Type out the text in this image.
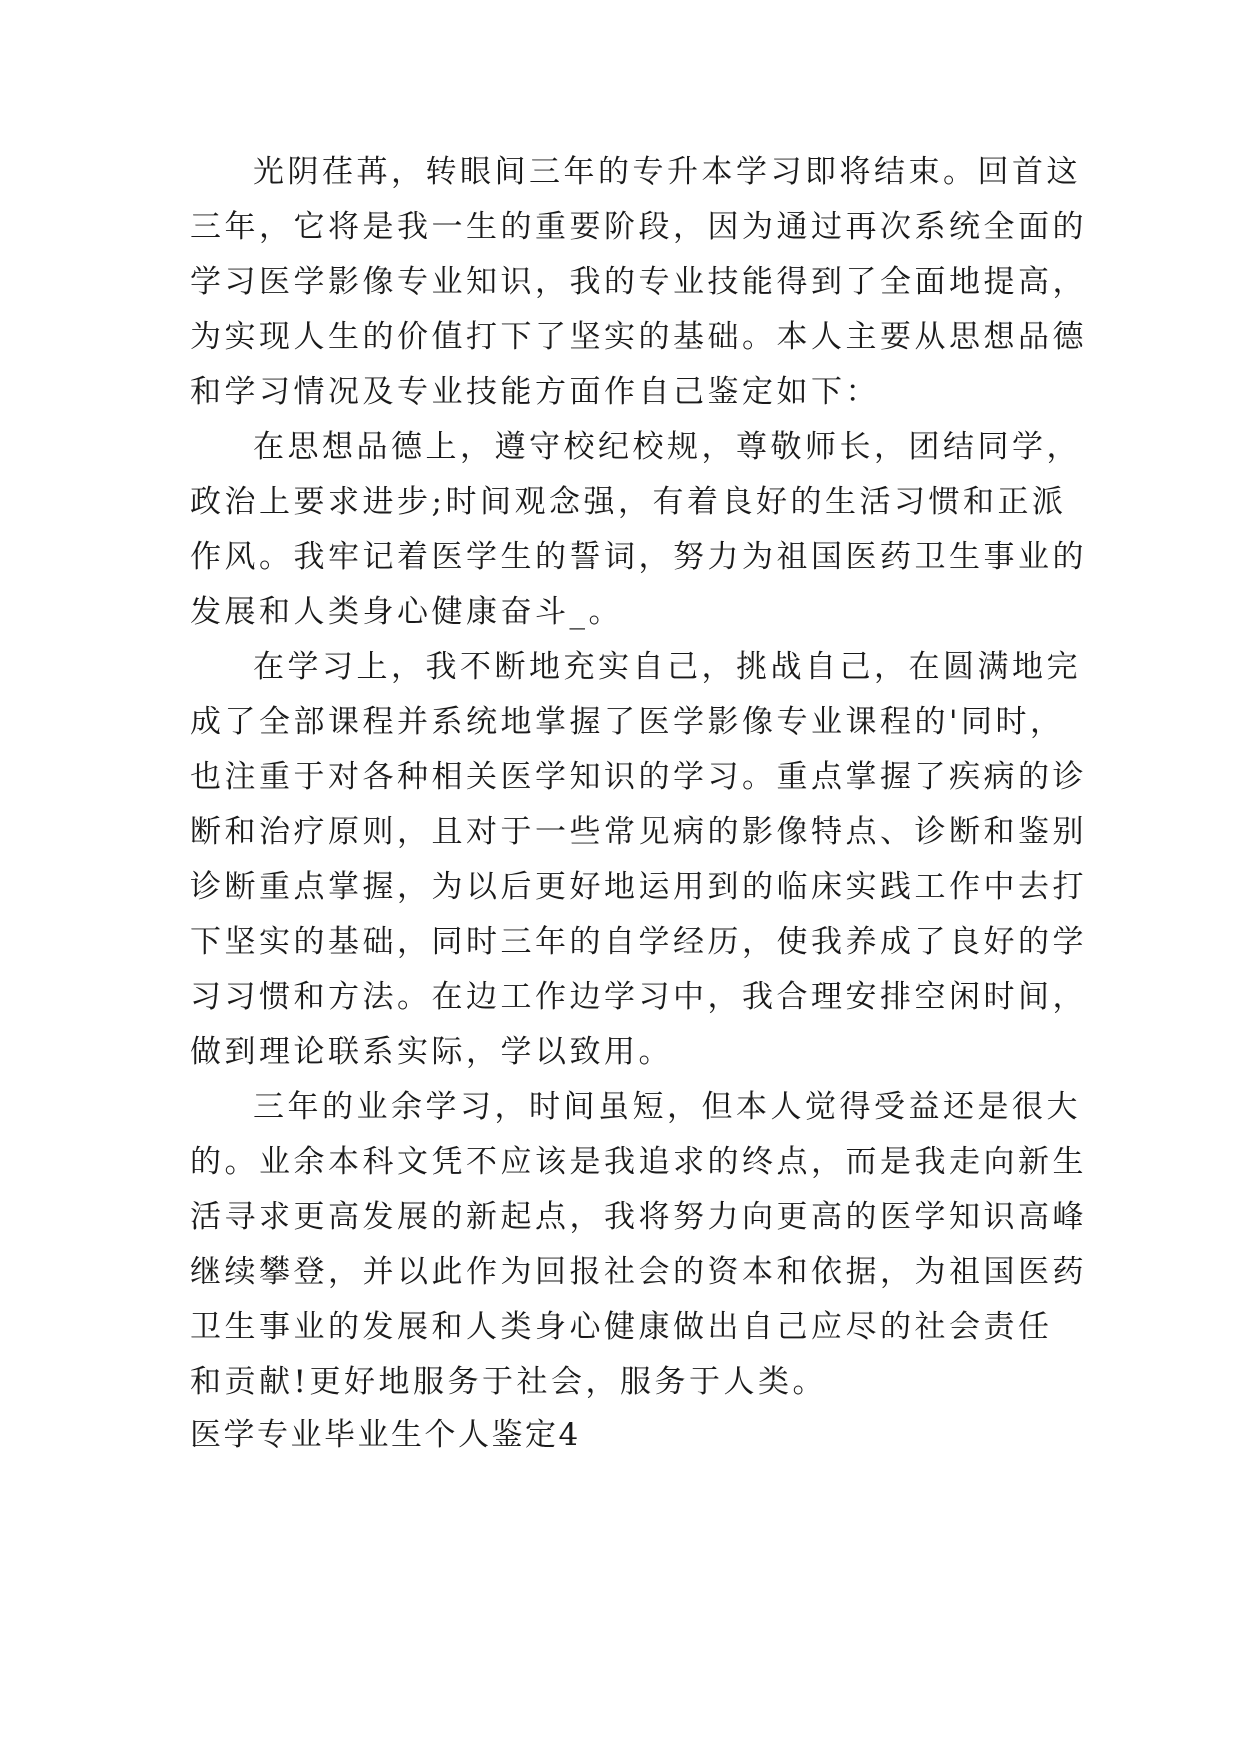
光阴荏苒，转眼间三年的专升本学习即将结束。回首这
三年，它将是我一生的重要阶段，因为通过再次系统全面的
学习医学影像专业知识，我的专业技能得到了全面地提高，
为实现人生的价值打下了坚实的基础。本人主要从思想品德
和学习情况及专业技能方面作自己鉴定如下：
在思想品德上，遵守校纪校规，尊敬师长，团结同学，
政治上要求进步;时间观念强，有着良好的生活习惯和正派
作风。我牢记着医学生的誓词，努力为祖国医药卫生事业的
发展和人类身心健康奋斗_。
在学习上，我不断地充实自己，挑战自己，在圆满地完
成了全部课程并系统地掌握了医学影像专业课程的'同时，
也注重于对各种相关医学知识的学习。重点掌握了疾病的诊
断和治疗原则，且对于一些常见病的影像特点、诊断和鉴别
诊断重点掌握，为以后更好地运用到的临床实践工作中去打
下坚实的基础，同时三年的自学经历，使我养成了良好的学
习习惯和方法。在边工作边学习中，我合理安排空闲时间，
做到理论联系实际，学以致用。
三年的业余学习，时间虽短，但本人觉得受益还是很大
的。业余本科文凭不应该是我追求的终点，而是我走向新生
活寻求更高发展的新起点，我将努力向更高的医学知识高峰
继续攀登，并以此作为回报社会的资本和依据，为祖国医药
卫生事业的发展和人类身心健康做出自己应尽的社会责任
和贡献!更好地服务于社会，服务于人类。
医学专业毕业生个人鉴定4
